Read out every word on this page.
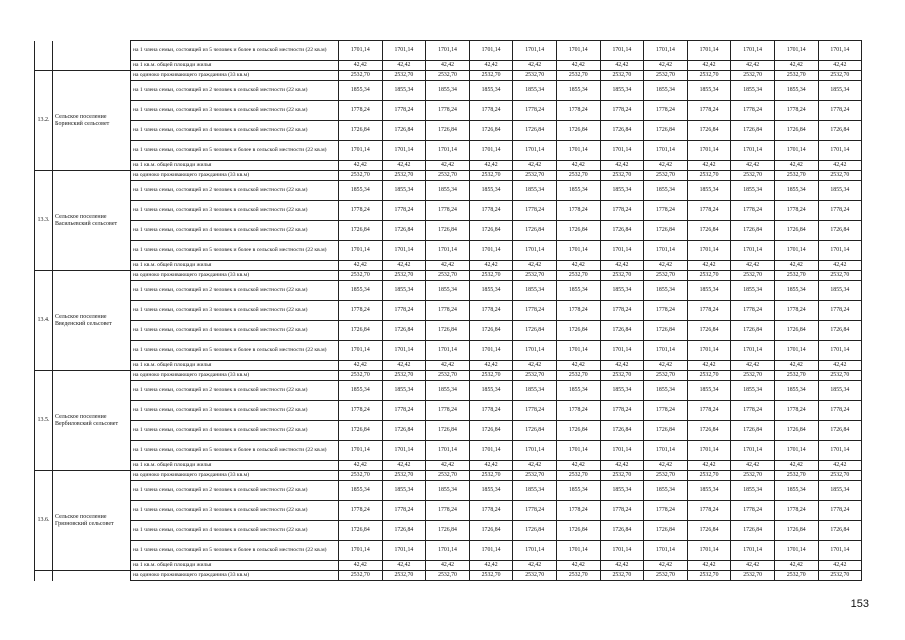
		на 1 члена семьи, состоящей из 5 человек и более в сельской местности (22 кв.м)	1701,14	1701,14	1701,14	1701,14	1701,14	1701,14	1701,14	1701,14	1701,14	1701,14	1701,14	1701,14
		на 1 кв.м. общей площади жилья	42,42	42,42	42,42	42,42	42,42	42,42	42,42	42,42	42,42	42,42	42,42	42,42
13.2.	Сельское поселение Боринский сельсовет	на одиноко проживающего гражданина (33 кв.м)	2532,70	2532,70	2532,70	2532,70	2532,70	2532,70	2532,70	2532,70	2532,70	2532,70	2532,70	2532,70
		на 1 члена семьи, состоящей из 2 человек в сельской местности (22 кв.м)	1855,34	1855,34	1855,34	1855,34	1855,34	1855,34	1855,34	1855,34	1855,34	1855,34	1855,34	1855,34
		на 1 члена семьи, состоящей из 3 человек в сельской местности (22 кв.м)	1778,24	1778,24	1778,24	1778,24	1778,24	1778,24	1778,24	1778,24	1778,24	1778,24	1778,24	1778,24
		на 1 члена семьи, состоящей из 4 человек в сельской местности (22 кв.м)	1726,84	1726,84	1726,84	1726,84	1726,84	1726,84	1726,84	1726,84	1726,84	1726,84	1726,84	1726,84
		на 1 члена семьи, состоящей из 5 человек и более в сельской местности (22 кв.м)	1701,14	1701,14	1701,14	1701,14	1701,14	1701,14	1701,14	1701,14	1701,14	1701,14	1701,14	1701,14
		на 1 кв.м. общей площади жилья	42,42	42,42	42,42	42,42	42,42	42,42	42,42	42,42	42,42	42,42	42,42	42,42
13.3.	Сельское поселение Васильевский сельсовет	на одиноко проживающего гражданина (33 кв.м)	2532,70	2532,70	2532,70	2532,70	2532,70	2532,70	2532,70	2532,70	2532,70	2532,70	2532,70	2532,70
		на 1 члена семьи, состоящей из 2 человек в сельской местности (22 кв.м)	1855,34	1855,34	1855,34	1855,34	1855,34	1855,34	1855,34	1855,34	1855,34	1855,34	1855,34	1855,34
		на 1 члена семьи, состоящей из 3 человек в сельской местности (22 кв.м)	1778,24	1778,24	1778,24	1778,24	1778,24	1778,24	1778,24	1778,24	1778,24	1778,24	1778,24	1778,24
		на 1 члена семьи, состоящей из 4 человек в сельской местности (22 кв.м)	1726,84	1726,84	1726,84	1726,84	1726,84	1726,84	1726,84	1726,84	1726,84	1726,84	1726,84	1726,84
		на 1 члена семьи, состоящей из 5 человек и более в сельской местности (22 кв.м)	1701,14	1701,14	1701,14	1701,14	1701,14	1701,14	1701,14	1701,14	1701,14	1701,14	1701,14	1701,14
		на 1 кв.м. общей площади жилья	42,42	42,42	42,42	42,42	42,42	42,42	42,42	42,42	42,42	42,42	42,42	42,42
13.4.	Сельское поселение Введенский сельсовет	на одиноко проживающего гражданина (33 кв.м)	2532,70	2532,70	2532,70	2532,70	2532,70	2532,70	2532,70	2532,70	2532,70	2532,70	2532,70	2532,70
		на 1 члена семьи, состоящей из 2 человек в сельской местности (22 кв.м)	1855,34	1855,34	1855,34	1855,34	1855,34	1855,34	1855,34	1855,34	1855,34	1855,34	1855,34	1855,34
		на 1 члена семьи, состоящей из 3 человек в сельской местности (22 кв.м)	1778,24	1778,24	1778,24	1778,24	1778,24	1778,24	1778,24	1778,24	1778,24	1778,24	1778,24	1778,24
		на 1 члена семьи, состоящей из 4 человек в сельской местности (22 кв.м)	1726,84	1726,84	1726,84	1726,84	1726,84	1726,84	1726,84	1726,84	1726,84	1726,84	1726,84	1726,84
		на 1 члена семьи, состоящей из 5 человек и более в сельской местности (22 кв.м)	1701,14	1701,14	1701,14	1701,14	1701,14	1701,14	1701,14	1701,14	1701,14	1701,14	1701,14	1701,14
		на 1 кв.м. общей площади жилья	42,42	42,42	42,42	42,42	42,42	42,42	42,42	42,42	42,42	42,42	42,42	42,42
13.5.	Сельское поселение Вербиловский сельсовет	на одиноко проживающего гражданина (33 кв.м)	2532,70	2532,70	2532,70	2532,70	2532,70	2532,70	2532,70	2532,70	2532,70	2532,70	2532,70	2532,70
		на 1 члена семьи, состоящей из 2 человек в сельской местности (22 кв.м)	1855,34	1855,34	1855,34	1855,34	1855,34	1855,34	1855,34	1855,34	1855,34	1855,34	1855,34	1855,34
		на 1 члена семьи, состоящей из 3 человек в сельской местности (22 кв.м)	1778,24	1778,24	1778,24	1778,24	1778,24	1778,24	1778,24	1778,24	1778,24	1778,24	1778,24	1778,24
		на 1 члена семьи, состоящей из 4 человек в сельской местности (22 кв.м)	1726,84	1726,84	1726,84	1726,84	1726,84	1726,84	1726,84	1726,84	1726,84	1726,84	1726,84	1726,84
		на 1 члена семьи, состоящей из 5 человек и более в сельской местности (22 кв.м)	1701,14	1701,14	1701,14	1701,14	1701,14	1701,14	1701,14	1701,14	1701,14	1701,14	1701,14	1701,14
		на 1 кв.м. общей площади жилья	42,42	42,42	42,42	42,42	42,42	42,42	42,42	42,42	42,42	42,42	42,42	42,42
13.6.	Сельское поселение Грязновский сельсовет	на одиноко проживающего гражданина (33 кв.м)	2532,70	2532,70	2532,70	2532,70	2532,70	2532,70	2532,70	2532,70	2532,70	2532,70	2532,70	2532,70
		на 1 члена семьи, состоящей из 2 человек в сельской местности (22 кв.м)	1855,34	1855,34	1855,34	1855,34	1855,34	1855,34	1855,34	1855,34	1855,34	1855,34	1855,34	1855,34
		на 1 члена семьи, состоящей из 3 человек в сельской местности (22 кв.м)	1778,24	1778,24	1778,24	1778,24	1778,24	1778,24	1778,24	1778,24	1778,24	1778,24	1778,24	1778,24
		на 1 члена семьи, состоящей из 4 человек в сельской местности (22 кв.м)	1726,84	1726,84	1726,84	1726,84	1726,84	1726,84	1726,84	1726,84	1726,84	1726,84	1726,84	1726,84
		на 1 члена семьи, состоящей из 5 человек и более в сельской местности (22 кв.м)	1701,14	1701,14	1701,14	1701,14	1701,14	1701,14	1701,14	1701,14	1701,14	1701,14	1701,14	1701,14
		на 1 кв.м. общей площади жилья	42,42	42,42	42,42	42,42	42,42	42,42	42,42	42,42	42,42	42,42	42,42	42,42
		на одиноко проживающего гражданина (33 кв.м)	2532,70	2532,70	2532,70	2532,70	2532,70	2532,70	2532,70	2532,70	2532,70	2532,70	2532,70	2532,70
153
